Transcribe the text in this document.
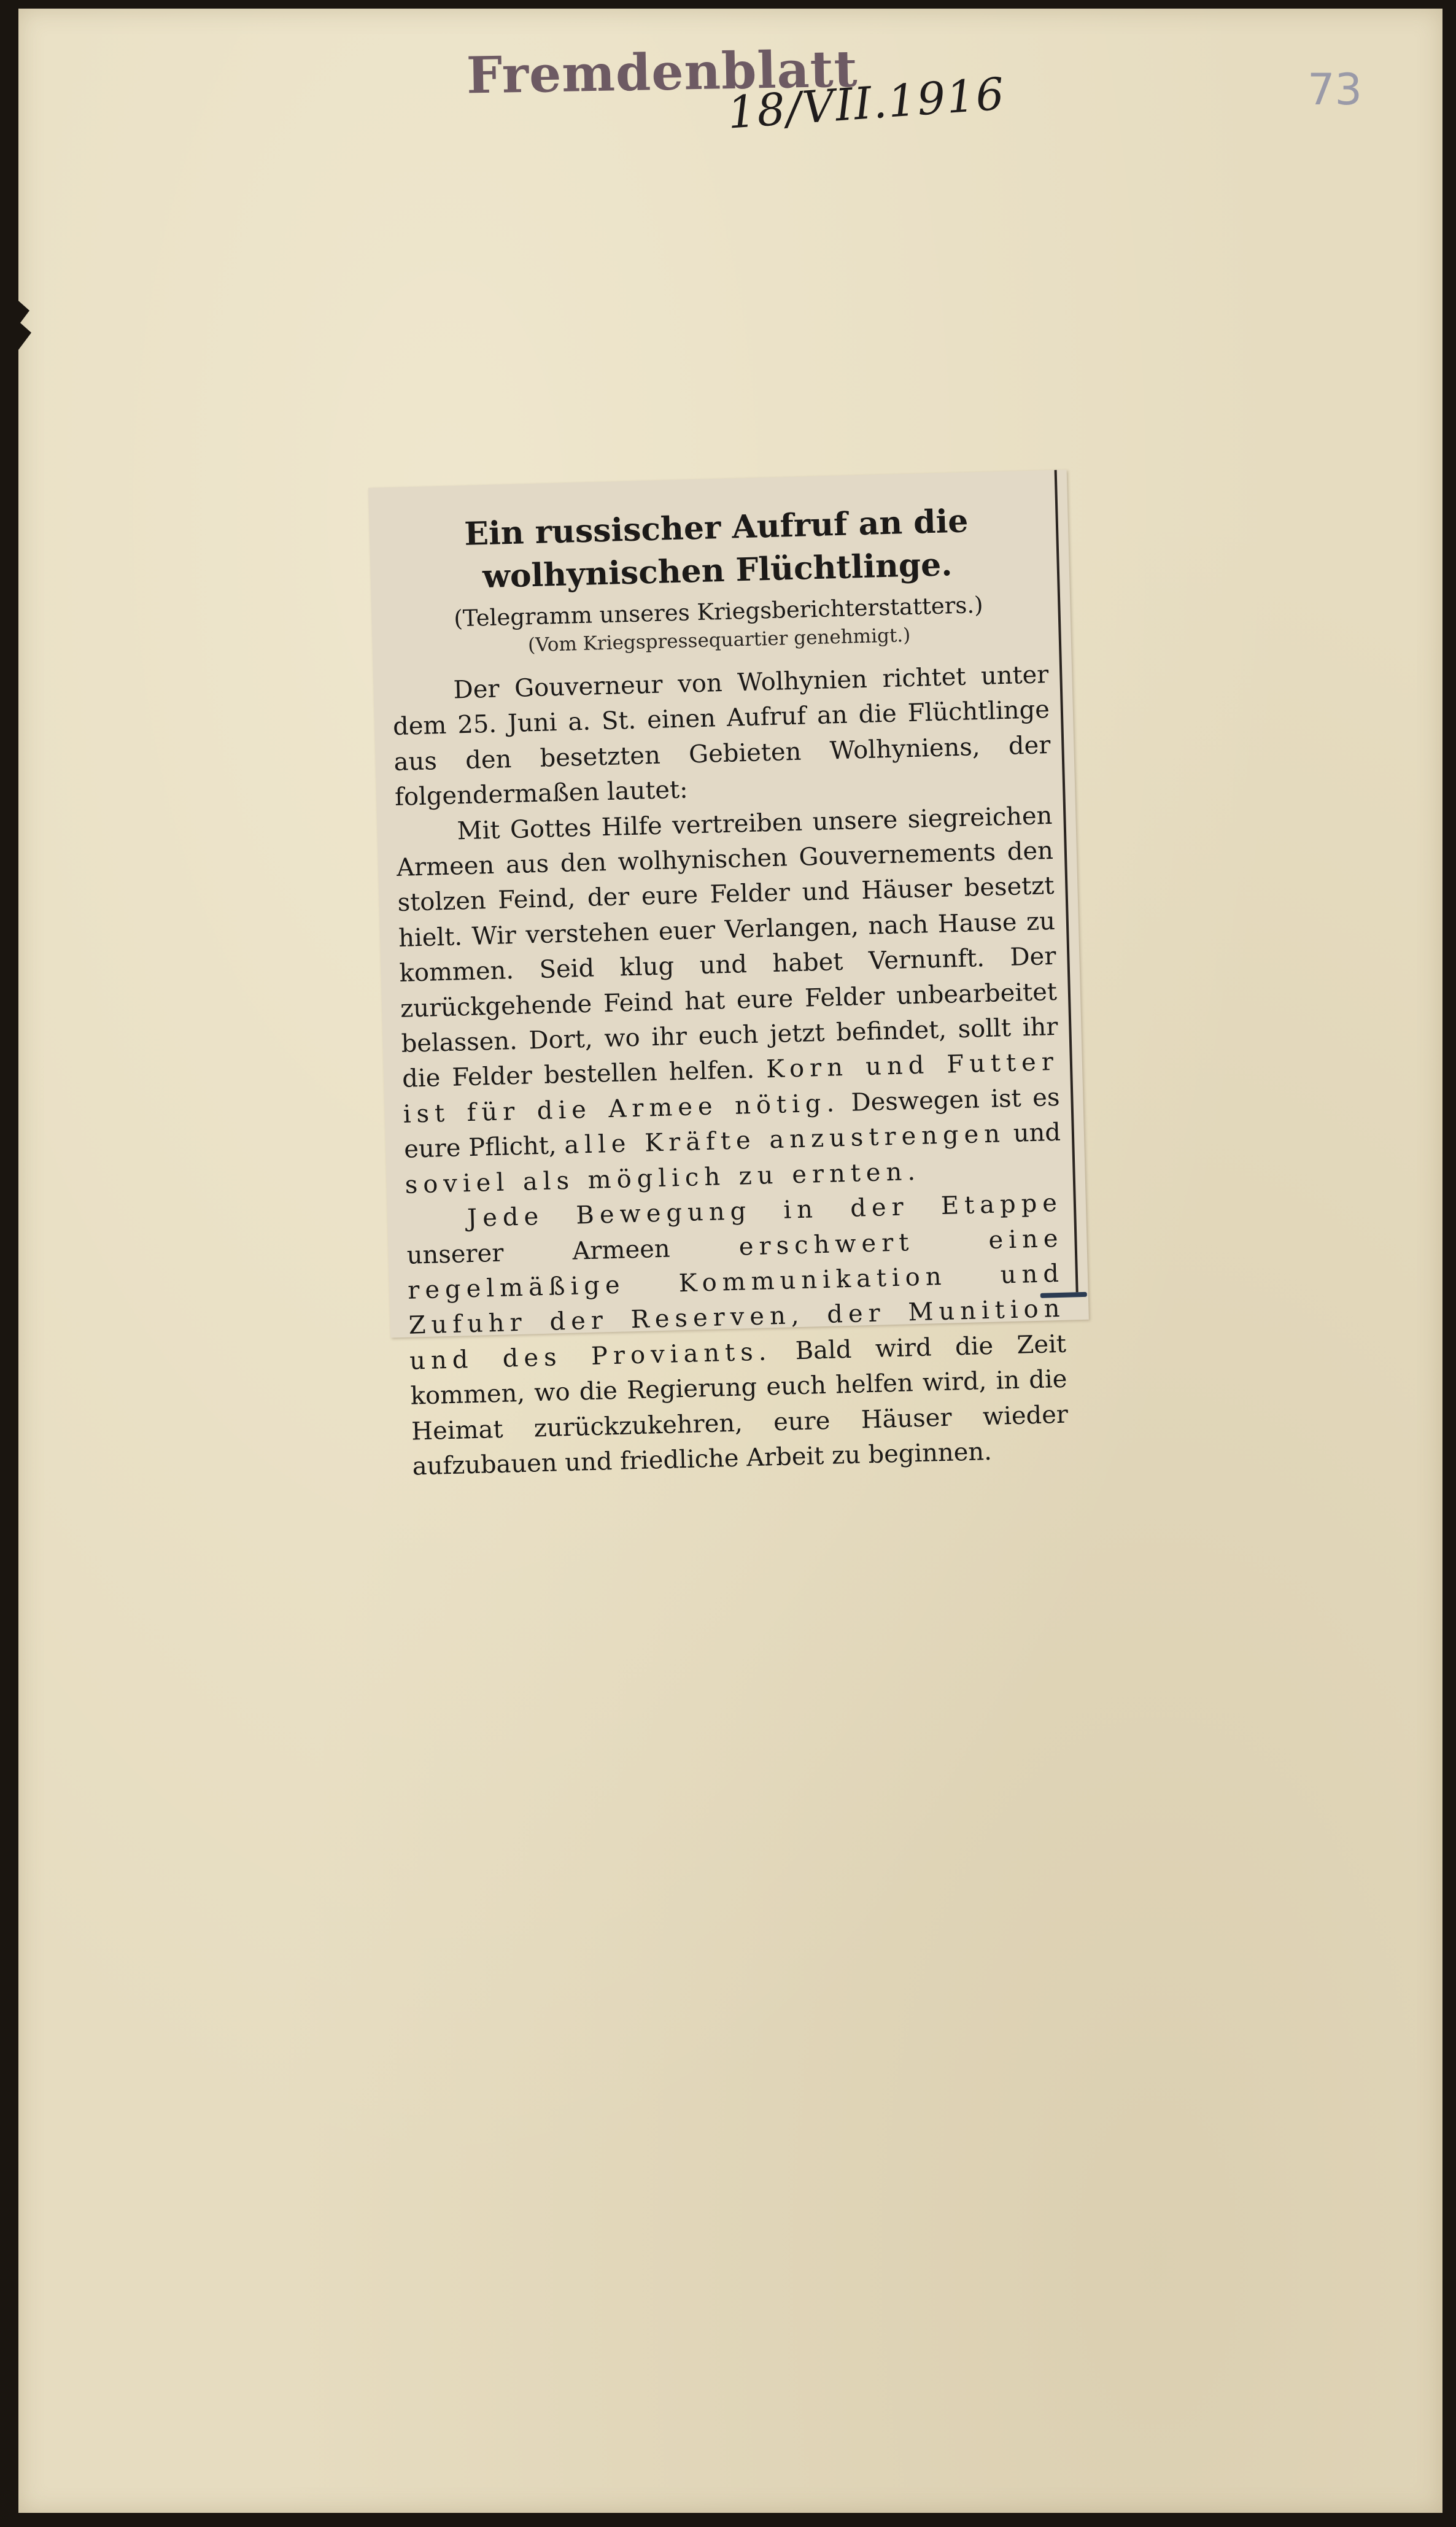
Fremdenblatt
18/VII.1916	73
Ein russischer Aufruf an die wolhynischen Flüchtlinge.
(Telegramm unseres Kriegsberichterstatters.)
(Vom Kriegspressequartier genehmigt.)

Der Gouverneur von Wolhynien richtet unter dem 25. Juni a. St. einen Aufruf an die Flüchtlinge aus den besetzten Gebieten Wolhyniens, der folgendermaßen lautet:

Mit Gottes Hilfe vertreiben unsere siegreichen Armeen aus den wolhynischen Gouvernements den stolzen Feind, der eure Felder und Häuser besetzt hielt. Wir verstehen euer Verlangen, nach Hause zu kommen. Seid klug und habet Vernunft. Der zurückgehende Feind hat eure Felder unbearbeitet belassen. Dort, wo ihr euch jetzt befindet, sollt ihr die Felder bestellen helfen. Korn und Futter ist für die Armee nötig. Deswegen ist es eure Pflicht, alle Kräfte anzustrengen und soviel als möglich zu ernten.

Jede Bewegung in der Etappe unserer Armeen erschwert eine regelmäßige Kommunikation und Zufuhr der Reserven, der Munition und des Proviants. Bald wird die Zeit kommen, wo die Regierung euch helfen wird, in die Heimat zurückzukehren, eure Häuser wieder aufzubauen und friedliche Arbeit zu beginnen.
